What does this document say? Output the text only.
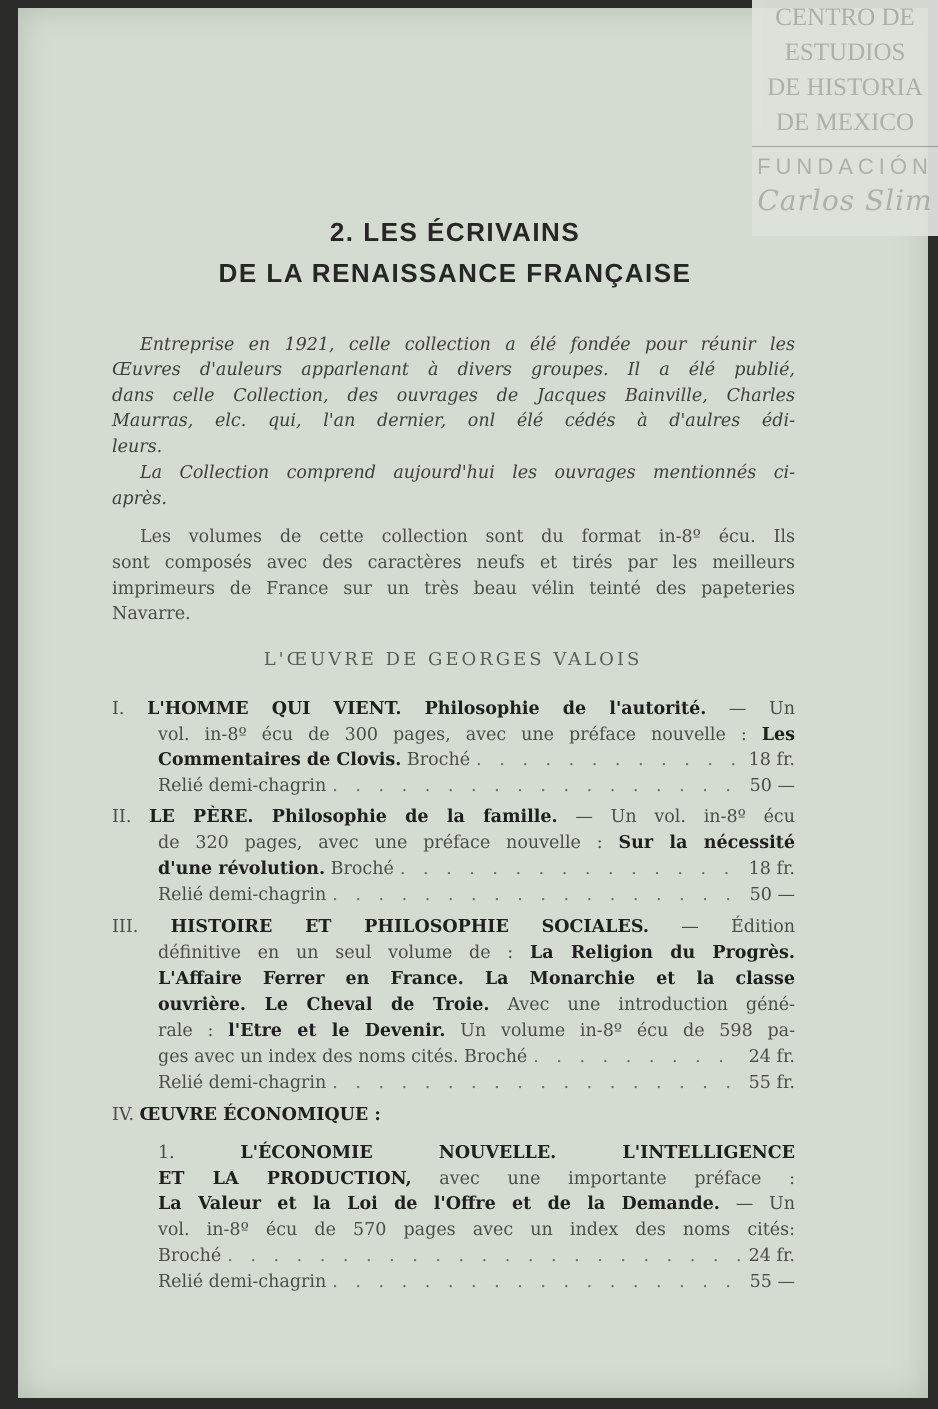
CENTRO DE
ESTUDIOS
DE HISTORIA
DE MEXICO
FUNDACIÓN
Carlos Slim
2. LES ÉCRIVAINS
DE LA RENAISSANCE FRANÇAISE
Entreprise en 1921, celle collection a élé fondée pour réunir les
Œuvres d'auleurs apparlenant à divers groupes. Il a élé publié,
dans celle Collection, des ouvrages de Jacques Bainville, Charles
Maurras, elc. qui, l'an dernier, onl élé cédés à d'aulres édi-
leurs.
La Collection comprend aujourd'hui les ouvrages mentionnés ci-
après.
Les volumes de cette collection sont du format in-8º écu. Ils
sont composés avec des caractères neufs et tirés par les meilleurs
imprimeurs de France sur un très beau vélin teinté des papeteries
Navarre.
L'ŒUVRE DE GEORGES VALOIS
I. L'HOMME QUI VIENT. Philosophie de l'autorité. — Un
vol. in-8º écu de 300 pages, avec une préface nouvelle : Les
Commentaires de Clovis. Broché . . .	18 fr.
Relié demi-chagrin . . .	50 —
II. LE PÈRE. Philosophie de la famille. — Un vol. in-8º écu
de 320 pages, avec une préface nouvelle : Sur la nécessité
d'une révolution. Broché . . .	18 fr.
Relié demi-chagrin . . .	50 —
III. HISTOIRE ET PHILOSOPHIE SOCIALES. — Édition
définitive en un seul volume de : La Religion du Progrès.
L'Affaire Ferrer en France. La Monarchie et la classe
ouvrière. Le Cheval de Troie. Avec une introduction géné-
rale : l'Etre et le Devenir. Un volume in-8º écu de 598 pa-
ges avec un index des noms cités. Broché . . .	24 fr.
Relié demi-chagrin . . .	55 fr.
IV. ŒUVRE ÉCONOMIQUE :
1. L'ÉCONOMIE NOUVELLE. L'INTELLIGENCE
ET LA PRODUCTION, avec une importante préface :
La Valeur et la Loi de l'Offre et de la Demande. — Un
vol. in-8º écu de 570 pages avec un index des noms cités:
Broché . . .	24 fr.
Relié demi-chagrin . . .	55 —
